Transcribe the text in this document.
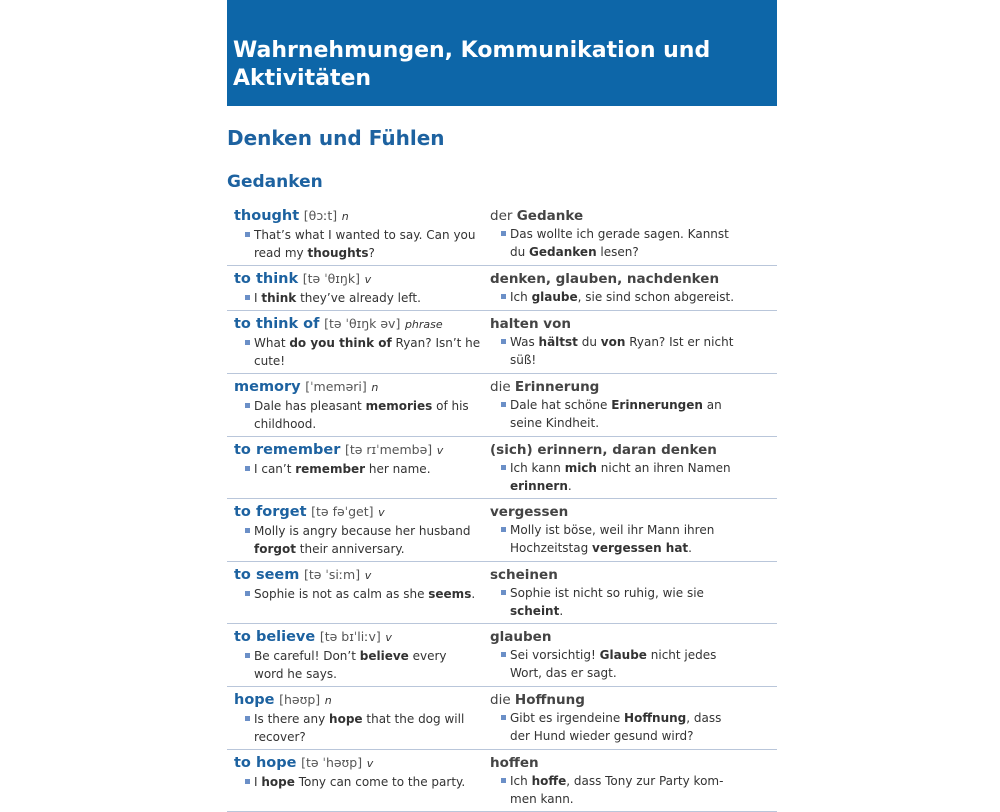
Wahrnehmungen, Kommunikation und
Aktivitäten
Denken und Fühlen
Gedanken
thought [θɔːt] n
That’s what I wanted to say. Can you
read my thoughts?
der Gedanke
Das wollte ich gerade sagen. Kannst
du Gedanken lesen?
to think [tə ˈθɪŋk] v
I think they’ve already left.
denken, glauben, nachdenken
Ich glaube, sie sind schon abgereist.
to think of [tə ˈθɪŋk əv] phrase
What do you think of Ryan? Isn’t he
cute!
halten von
Was hältst du von Ryan? Ist er nicht
süß!
memory [ˈmeməri] n
Dale has pleasant memories of his
childhood.
die Erinnerung
Dale hat schöne Erinnerungen an
seine Kindheit.
to remember [tə rɪˈmembə] v
I can’t remember her name.
(sich) erinnern, daran denken
Ich kann mich nicht an ihren Namen
erinnern.
to forget [tə fəˈget] v
Molly is angry because her husband
forgot their anniversary.
vergessen
Molly ist böse, weil ihr Mann ihren
Hochzeitstag vergessen hat.
to seem [tə ˈsiːm] v
Sophie is not as calm as she seems.
scheinen
Sophie ist nicht so ruhig, wie sie
scheint.
to believe [tə bɪˈliːv] v
Be careful! Don’t believe every
word he says.
glauben
Sei vorsichtig! Glaube nicht jedes
Wort, das er sagt.
hope [həʊp] n
Is there any hope that the dog will
recover?
die Hoffnung
Gibt es irgendeine Hoffnung, dass
der Hund wieder gesund wird?
to hope [tə ˈhəʊp] v
I hope Tony can come to the party.
hoffen
Ich hoffe, dass Tony zur Party kom-
men kann.
